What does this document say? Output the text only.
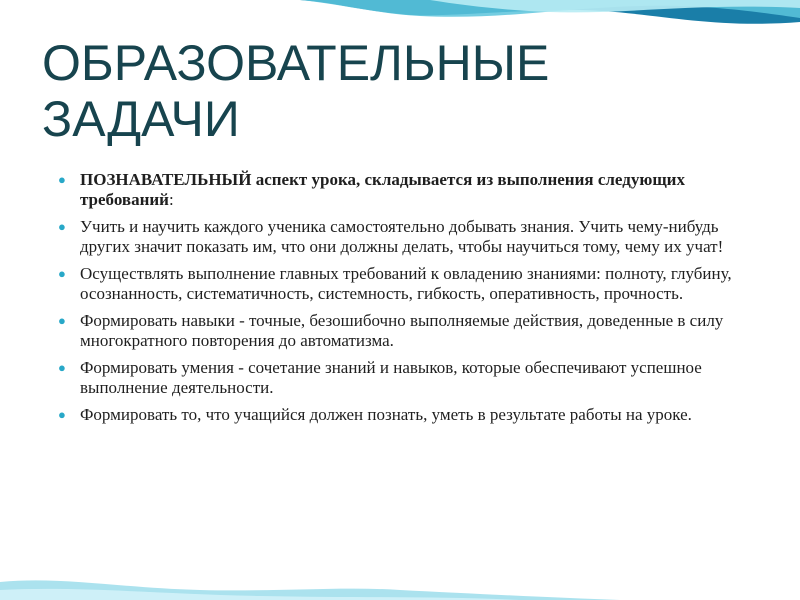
ОБРАЗОВАТЕЛЬНЫЕ
ЗАДАЧИ
● ПОЗНАВАТЕЛЬНЫЙ аспект урока, складывается из выполнения следующих требований:
● Учить и научить каждого ученика самостоятельно добывать знания. Учить чему-нибудь других значит показать им, что они должны делать, чтобы научиться тому, чему их учат!
● Осуществлять выполнение главных требований к овладению знаниями: полноту, глубину, осознанность, систематичность, системность, гибкость, оперативность, прочность.
● Формировать навыки - точные, безошибочно выполняемые действия, доведенные в силу многократного повторения до автоматизма.
● Формировать умения - сочетание знаний и навыков, которые обеспечивают успешное выполнение деятельности.
● Формировать то, что учащийся должен познать, уметь в результате работы на уроке.
